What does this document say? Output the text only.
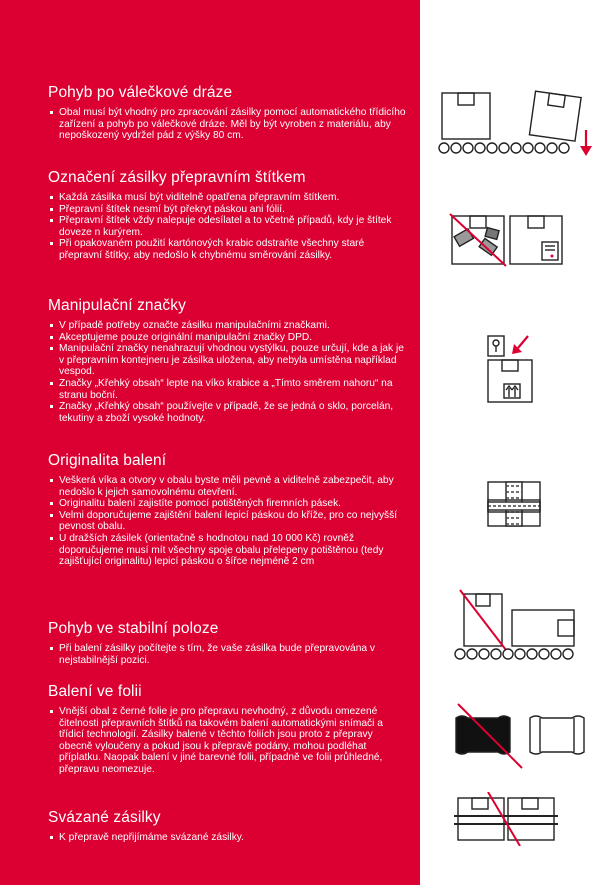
Pohyb po válečkové dráze
Obal musí být vhodný pro zpracování zásilky pomocí automatického třídicího zařízení a pohyb po válečkové dráze. Měl by být vyroben z materiálu, aby nepoškozený vydržel pád z výšky 80 cm.
Označení zásilky přepravním štítkem
Každá zásilka musí být viditelně opatřena přepravním štítkem.
Přepravní štítek nesmí být překryt páskou ani fólií.
Přepravní štítek vždy nalepuje odesílatel a to včetně případů, kdy je štítek doveze n kurýrem.
Při opakovaném použití kartónových krabic odstraňte všechny staré přepravní štítky, aby nedošlo k chybnému směrování zásilky.
Manipulační značky
V případě potřeby označte zásilku manipulačními značkami.
Akceptujeme pouze originální manipulační značky DPD.
Manipulační značky nenahrazují vhodnou vystýlku, pouze určují, kde a jak je v přepravním kontejneru je zásilka uložena, aby nebyla umístěna například vespod.
Značky „Křehký obsah“ lepte na víko krabice a „Tímto směrem nahoru“ na stranu boční.
Značky „Křehký obsah“ používejte v případě, že se jedná o sklo, porcelán, tekutiny a zboží vysoké hodnoty.
Originalita balení
Veškerá víka a otvory v obalu byste měli pevně a viditelně zabezpečit, aby nedošlo k jejich samovolnému otevření.
Originalitu balení zajistíte pomocí potištěných firemních pásek.
Velmi doporučujeme zajištění balení lepicí páskou do kříže, pro co nejvyšší pevnost obalu.
U dražších zásilek (orientačně s hodnotou nad 10 000 Kč) rovněž doporučujeme musí mít všechny spoje obalu přelepeny potištěnou (tedy zajišťující originalitu) lepicí páskou o šířce nejméně 2 cm
Pohyb ve stabilní poloze
Při balení zásilky počítejte s tím, že vaše zásilka bude přepravována v nejstabilnější pozici.
Balení ve folii
Vnější obal z černé folie je pro přepravu nevhodný, z důvodu omezené čitelnosti přepravních štítků na takovém balení automatickými snímači a třídicí technologií. Zásilky balené v těchto foliích jsou proto z přepravy obecně vyloučeny a pokud jsou k přepravě podány, mohou podléhat příplatku. Naopak balení v jiné barevné folii, případně ve folii průhledné, přepravu neomezuje.
Svázané zásilky
K přepravě nepřijímáme svázané zásilky.
